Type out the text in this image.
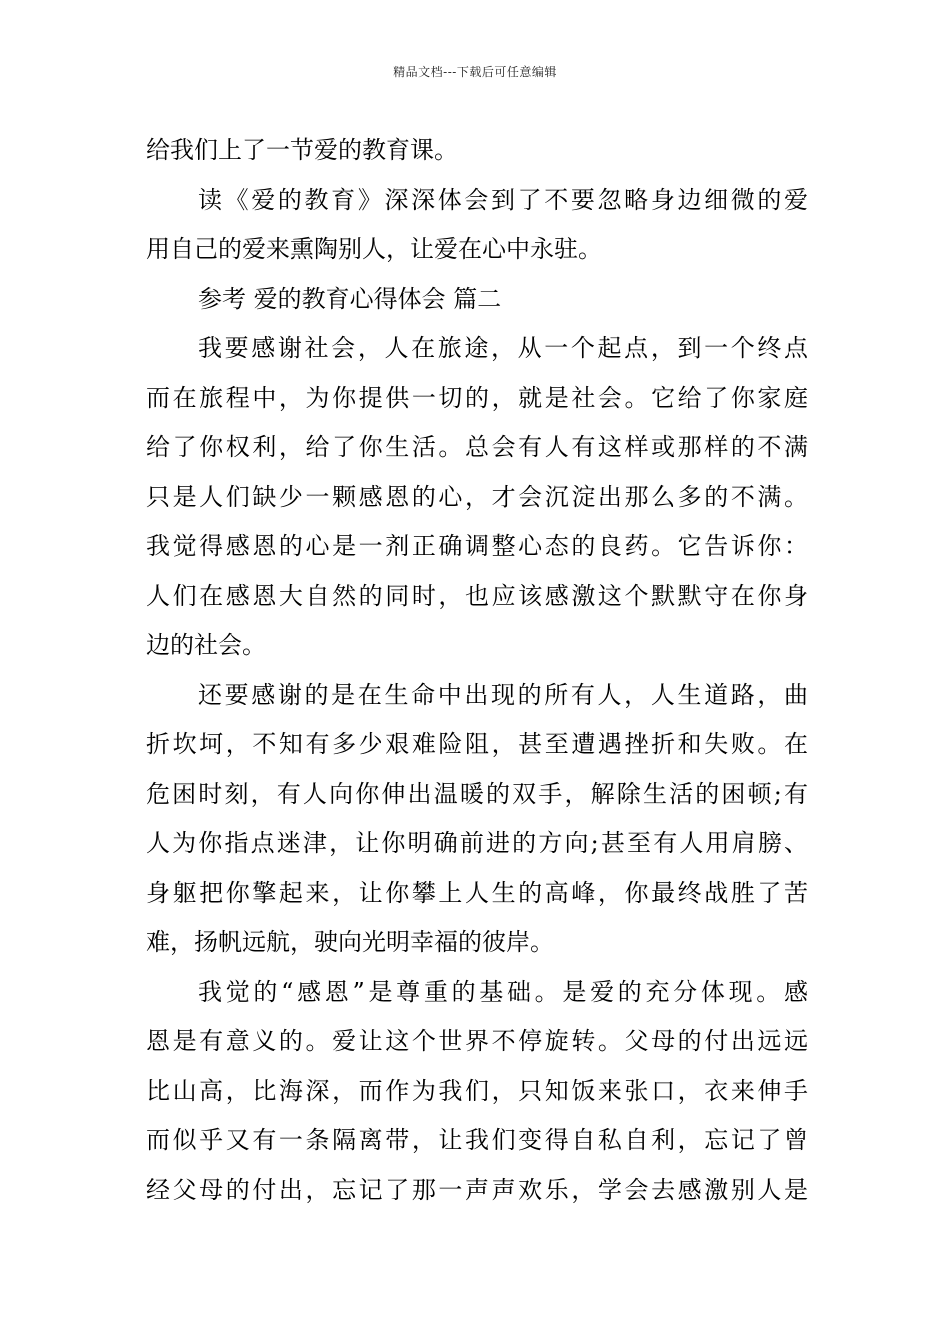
精品文档---下载后可任意编辑
给我们上了一节爱的教育课。
读《爱的教育》深深体会到了不要忽略身边细微的爱
用自己的爱来熏陶别人，让爱在心中永驻。
参考 爱的教育心得体会 篇二
我要感谢社会，人在旅途，从一个起点，到一个终点
而在旅程中，为你提供一切的，就是社会。它给了你家庭
给了你权利，给了你生活。总会有人有这样或那样的不满
只是人们缺少一颗感恩的心，才会沉淀出那么多的不满。
我觉得感恩的心是一剂正确调整心态的良药。它告诉你：
人们在感恩大自然的同时，也应该感激这个默默守在你身
边的社会。
还要感谢的是在生命中出现的所有人，人生道路，曲
折坎坷，不知有多少艰难险阻，甚至遭遇挫折和失败。在
危困时刻，有人向你伸出温暖的双手，解除生活的困顿;有
人为你指点迷津，让你明确前进的方向;甚至有人用肩膀、
身躯把你擎起来，让你攀上人生的高峰，你最终战胜了苦
难，扬帆远航，驶向光明幸福的彼岸。
我觉的“感恩”是尊重的基础。是爱的充分体现。感
恩是有意义的。爱让这个世界不停旋转。父母的付出远远
比山高，比海深，而作为我们，只知饭来张口，衣来伸手
而似乎又有一条隔离带，让我们变得自私自利，忘记了曾
经父母的付出，忘记了那一声声欢乐，学会去感激别人是
